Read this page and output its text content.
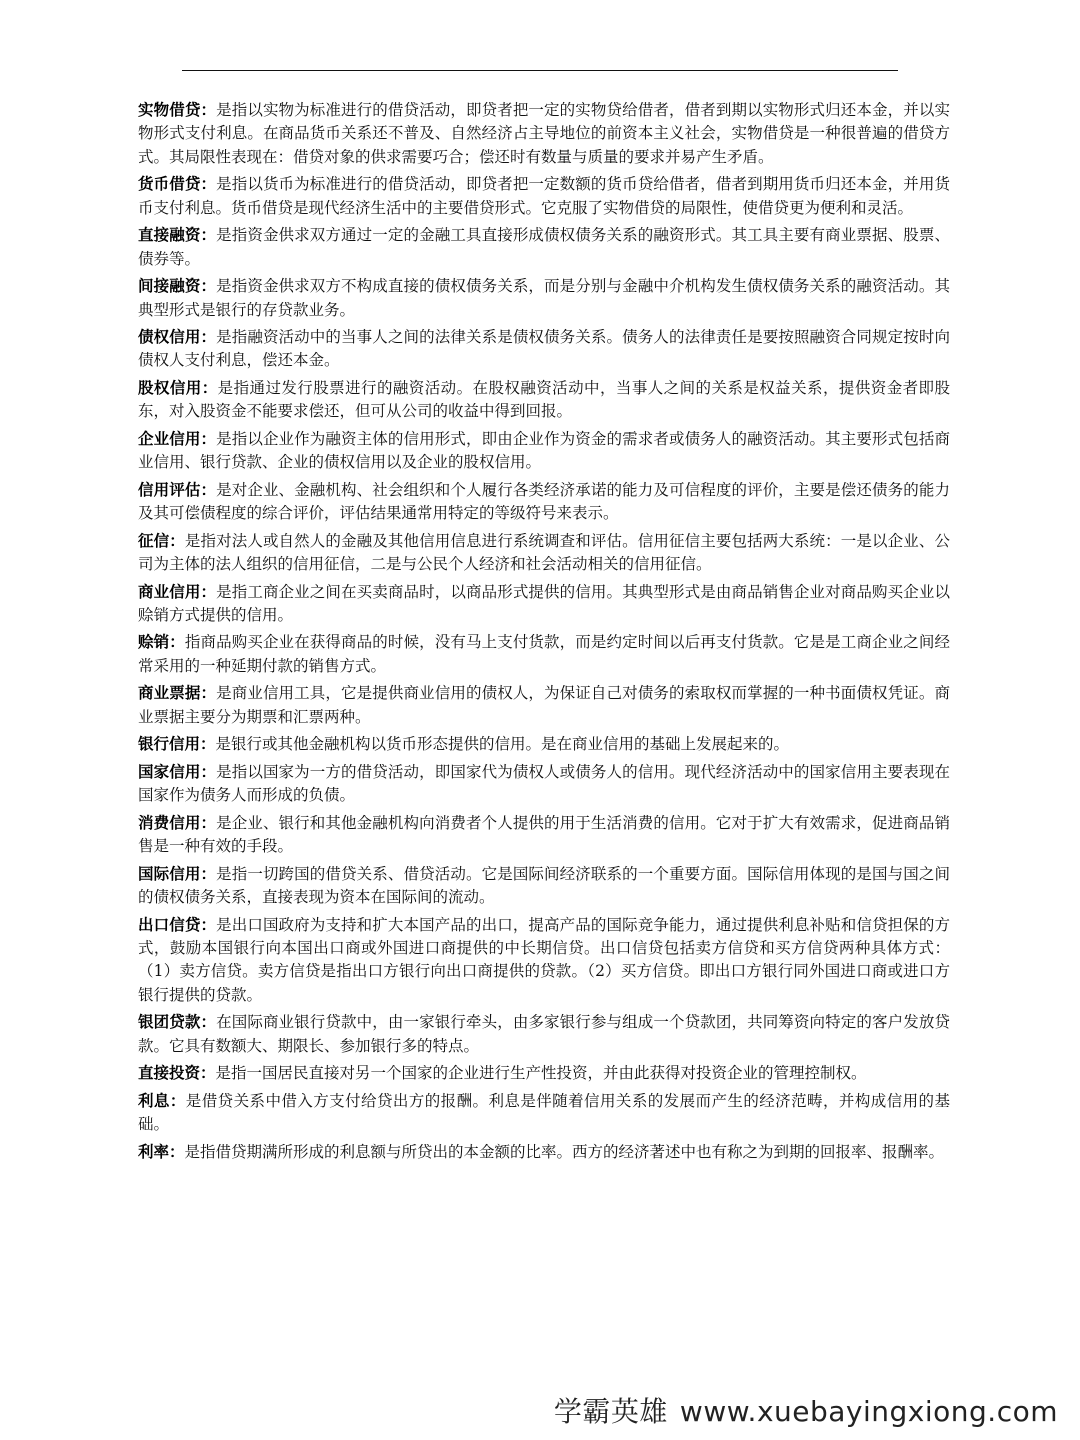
实物借贷：是指以实物为标准进行的借贷活动，即贷者把一定的实物贷给借者，借者到期以实物形式归还本金，并以实物形式支付利息。在商品货币关系还不普及、自然经济占主导地位的前资本主义社会，实物借贷是一种很普遍的借贷方式。其局限性表现在：借贷对象的供求需要巧合；偿还时有数量与质量的要求并易产生矛盾。

货币借贷：是指以货币为标准进行的借贷活动，即贷者把一定数额的货币贷给借者，借者到期用货币归还本金，并用货币支付利息。货币借贷是现代经济生活中的主要借贷形式。它克服了实物借贷的局限性，使借贷更为便利和灵活。

直接融资：是指资金供求双方通过一定的金融工具直接形成债权债务关系的融资形式。其工具主要有商业票据、股票、债券等。

间接融资：是指资金供求双方不构成直接的债权债务关系，而是分别与金融中介机构发生债权债务关系的融资活动。其典型形式是银行的存贷款业务。

债权信用：是指融资活动中的当事人之间的法律关系是债权债务关系。债务人的法律责任是要按照融资合同规定按时向债权人支付利息，偿还本金。

股权信用：是指通过发行股票进行的融资活动。在股权融资活动中，当事人之间的关系是权益关系，提供资金者即股东，对入股资金不能要求偿还，但可从公司的收益中得到回报。

企业信用：是指以企业作为融资主体的信用形式，即由企业作为资金的需求者或债务人的融资活动。其主要形式包括商业信用、银行贷款、企业的债权信用以及企业的股权信用。

信用评估：是对企业、金融机构、社会组织和个人履行各类经济承诺的能力及可信程度的评价，主要是偿还债务的能力及其可偿债程度的综合评价，评估结果通常用特定的等级符号来表示。

征信：是指对法人或自然人的金融及其他信用信息进行系统调查和评估。信用征信主要包括两大系统：一是以企业、公司为主体的法人组织的信用征信，二是与公民个人经济和社会活动相关的信用征信。

商业信用：是指工商企业之间在买卖商品时，以商品形式提供的信用。其典型形式是由商品销售企业对商品购买企业以赊销方式提供的信用。

赊销：指商品购买企业在获得商品的时候，没有马上支付货款，而是约定时间以后再支付货款。它是是工商企业之间经常采用的一种延期付款的销售方式。

商业票据：是商业信用工具，它是提供商业信用的债权人，为保证自己对债务的索取权而掌握的一种书面债权凭证。商业票据主要分为期票和汇票两种。

银行信用：是银行或其他金融机构以货币形态提供的信用。是在商业信用的基础上发展起来的。

国家信用：是指以国家为一方的借贷活动，即国家代为债权人或债务人的信用。现代经济活动中的国家信用主要表现在国家作为债务人而形成的负债。

消费信用：是企业、银行和其他金融机构向消费者个人提供的用于生活消费的信用。它对于扩大有效需求，促进商品销售是一种有效的手段。

国际信用：是指一切跨国的借贷关系、借贷活动。它是国际间经济联系的一个重要方面。国际信用体现的是国与国之间的债权债务关系，直接表现为资本在国际间的流动。

出口信贷：是出口国政府为支持和扩大本国产品的出口，提高产品的国际竞争能力，通过提供利息补贴和信贷担保的方式，鼓励本国银行向本国出口商或外国进口商提供的中长期信贷。出口信贷包括卖方信贷和买方信贷两种具体方式：（1）卖方信贷。卖方信贷是指出口方银行向出口商提供的贷款。（2）买方信贷。即出口方银行同外国进口商或进口方银行提供的贷款。

银团贷款：在国际商业银行贷款中，由一家银行牵头，由多家银行参与组成一个贷款团，共同筹资向特定的客户发放贷款。它具有数额大、期限长、参加银行多的特点。

直接投资：是指一国居民直接对另一个国家的企业进行生产性投资，并由此获得对投资企业的管理控制权。

利息：是借贷关系中借入方支付给贷出方的报酬。利息是伴随着信用关系的发展而产生的经济范畴，并构成信用的基础。

利率：是指借贷期满所形成的利息额与所贷出的本金额的比率。西方的经济著述中也有称之为到期的回报率、报酬率。

学霸英雄 www.xuebayingxiong.com
